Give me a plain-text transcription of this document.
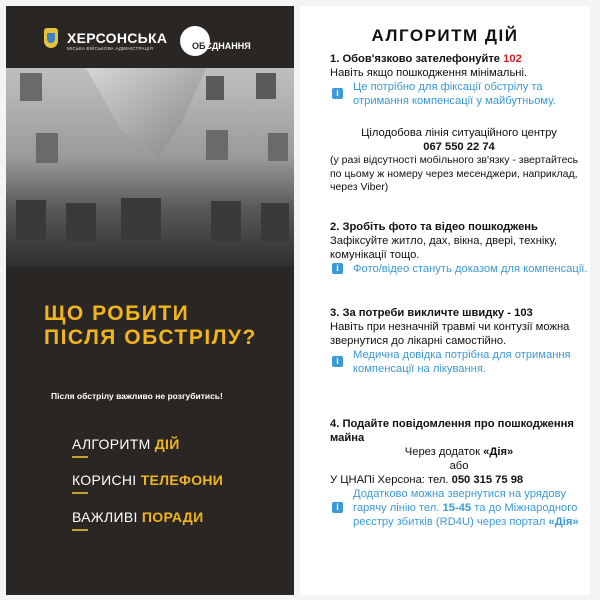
ХЕРСОНСЬКА
МІСЬКА ВІЙСЬКОВА АДМІНІСТРАЦІЯ	ОБЄДНАННЯ
ЩО РОБИТИ
ПІСЛЯ ОБСТРІЛУ?
Після обстрілу важливо не розгубитись!
АЛГОРИТМ ДІЙ
КОРИСНІ ТЕЛЕФОНИ
ВАЖЛИВІ ПОРАДИ
АЛГОРИТМ ДІЙ
1. Обов'язково зателефонуйте 102
Навіть якщо пошкодження мінімальні.
i	Це потрібно для фіксації обстрілу та отримання компенсації у майбутньому.
Цілодобова лінія ситуаційного центру
067 550 22 74
(у разі відсутності мобільного зв'язку - звертайтесь по цьому ж номеру через месенджери, наприклад, через Viber)
2. Зробіть фото та відео пошкоджень
Зафіксуйте житло, дах, вікна, двері, техніку, комунікації тощо.
i	Фото/відео стануть доказом для компенсації.
3. За потреби викличте швидку - 103
Навіть при незначній травмі чи контузії можна звернутися до лікарні самостійно.
i	Медична довідка потрібна для отримання компенсації на лікування.
4. Подайте повідомлення про пошкодження майна
Через додаток «Дія»
або
У ЦНАПі Херсона: тел. 050 315 75 98
i
Додатково можна звернутися на урядову гарячу лінію тел. 15-45 та до Міжнародного реєстру збитків (RD4U) через портал «Дія»
